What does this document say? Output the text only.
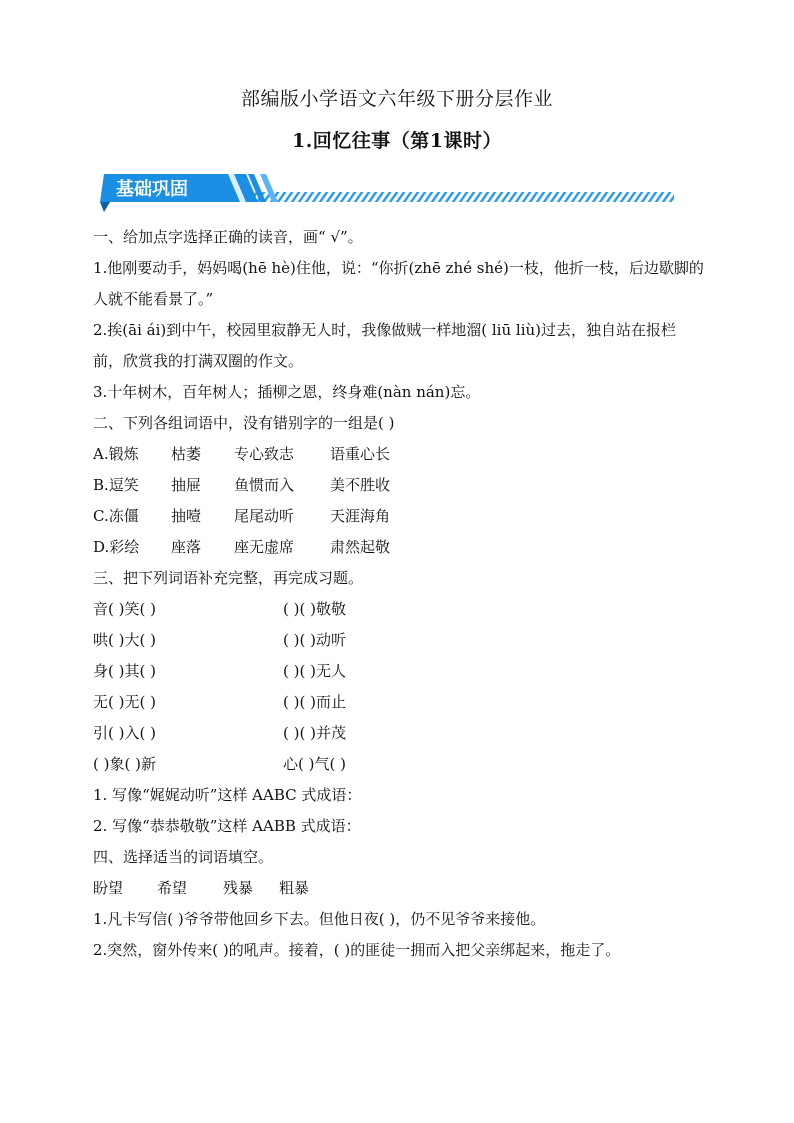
部编版小学语文六年级下册分层作业
1.回忆往事（第1课时）
基础巩固
一、给加点字选择正确的读音，画“ √”。
1.他刚要动手，妈妈喝(hē hè)住他，说：“你折(zhē zhé shé)一枝，他折一枝，后边歇脚的人就不能看景了。”
2.挨(āi ái)到中午，校园里寂静无人时，我像做贼一样地溜( liū liù)过去，独自站在报栏前，欣赏我的打满双圈的作文。
3.十年树木，百年树人；插柳之恩，终身难(nàn nán)忘。
二、下列各组词语中，没有错别字的一组是( )
A.锻炼 枯萎 专心致志 语重心长
B.逗笑 抽屉 鱼惯而入 美不胜收
C.冻僵 抽噎 尾尾动听 天涯海角
D.彩绘 座落 座无虚席 肃然起敬
三、把下列词语补充完整，再完成习题。
音( )笑( )	( )( )敬敬
哄( )大( )	( )( )动听
身( )其( )	( )( )无人
无( )无( )	( )( )而止
引( )入( )	( )( )并茂
( )象( )新	心( )气( )
1. 写像“娓娓动听”这样 AABC 式成语：
2. 写像“恭恭敬敬”这样 AABB 式成语：
四、选择适当的词语填空。
盼望 希望 残暴 粗暴
1.凡卡写信( )爷爷带他回乡下去。但他日夜( )，仍不见爷爷来接他。
2.突然，窗外传来( )的吼声。接着，( )的匪徒一拥而入把父亲绑起来，拖走了。
